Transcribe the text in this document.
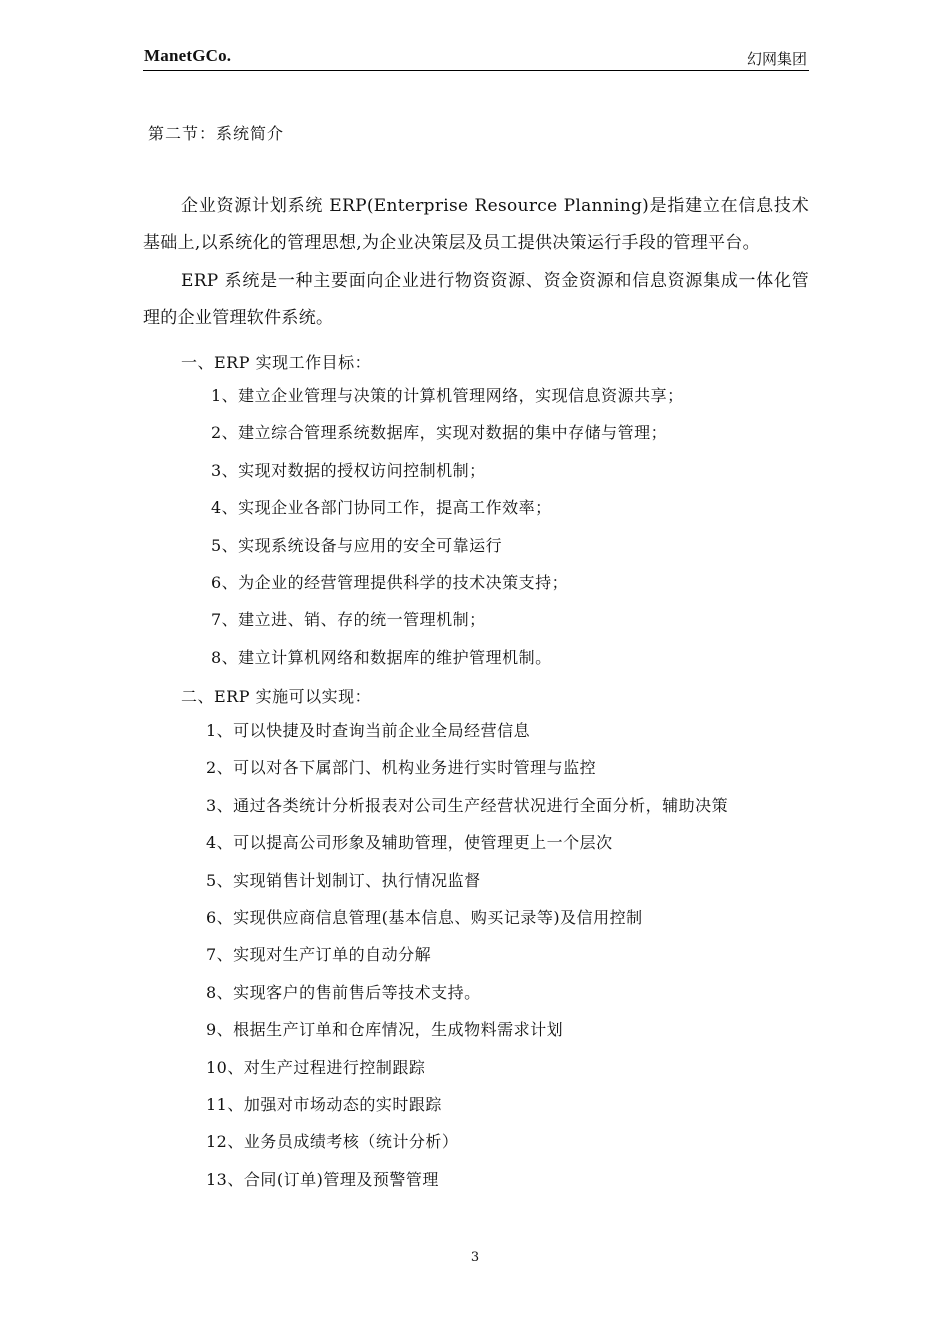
ManetGCo.	幻网集团
第二节：系统简介

企业资源计划系统 ERP(Enterprise Resource Planning)是指建立在信息技术基础上,以系统化的管理思想,为企业决策层及员工提供决策运行手段的管理平台。

ERP 系统是一种主要面向企业进行物资资源、资金资源和信息资源集成一体化管理的企业管理软件系统。

一、ERP 实现工作目标：
1、建立企业管理与决策的计算机管理网络，实现信息资源共享；
2、建立综合管理系统数据库，实现对数据的集中存储与管理；
3、实现对数据的授权访问控制机制；
4、实现企业各部门协同工作，提高工作效率；
5、实现系统设备与应用的安全可靠运行
6、为企业的经营管理提供科学的技术决策支持；
7、建立进、销、存的统一管理机制；
8、建立计算机网络和数据库的维护管理机制。
二、ERP 实施可以实现：
1、可以快捷及时查询当前企业全局经营信息
2、可以对各下属部门、机构业务进行实时管理与监控
3、通过各类统计分析报表对公司生产经营状况进行全面分析，辅助决策
4、可以提高公司形象及辅助管理，使管理更上一个层次
5、实现销售计划制订、执行情况监督
6、实现供应商信息管理(基本信息、购买记录等)及信用控制
7、实现对生产订单的自动分解
8、实现客户的售前售后等技术支持。
9、根据生产订单和仓库情况，生成物料需求计划
10、对生产过程进行控制跟踪
11、加强对市场动态的实时跟踪
12、业务员成绩考核（统计分析）
13、合同(订单)管理及预警管理
3
